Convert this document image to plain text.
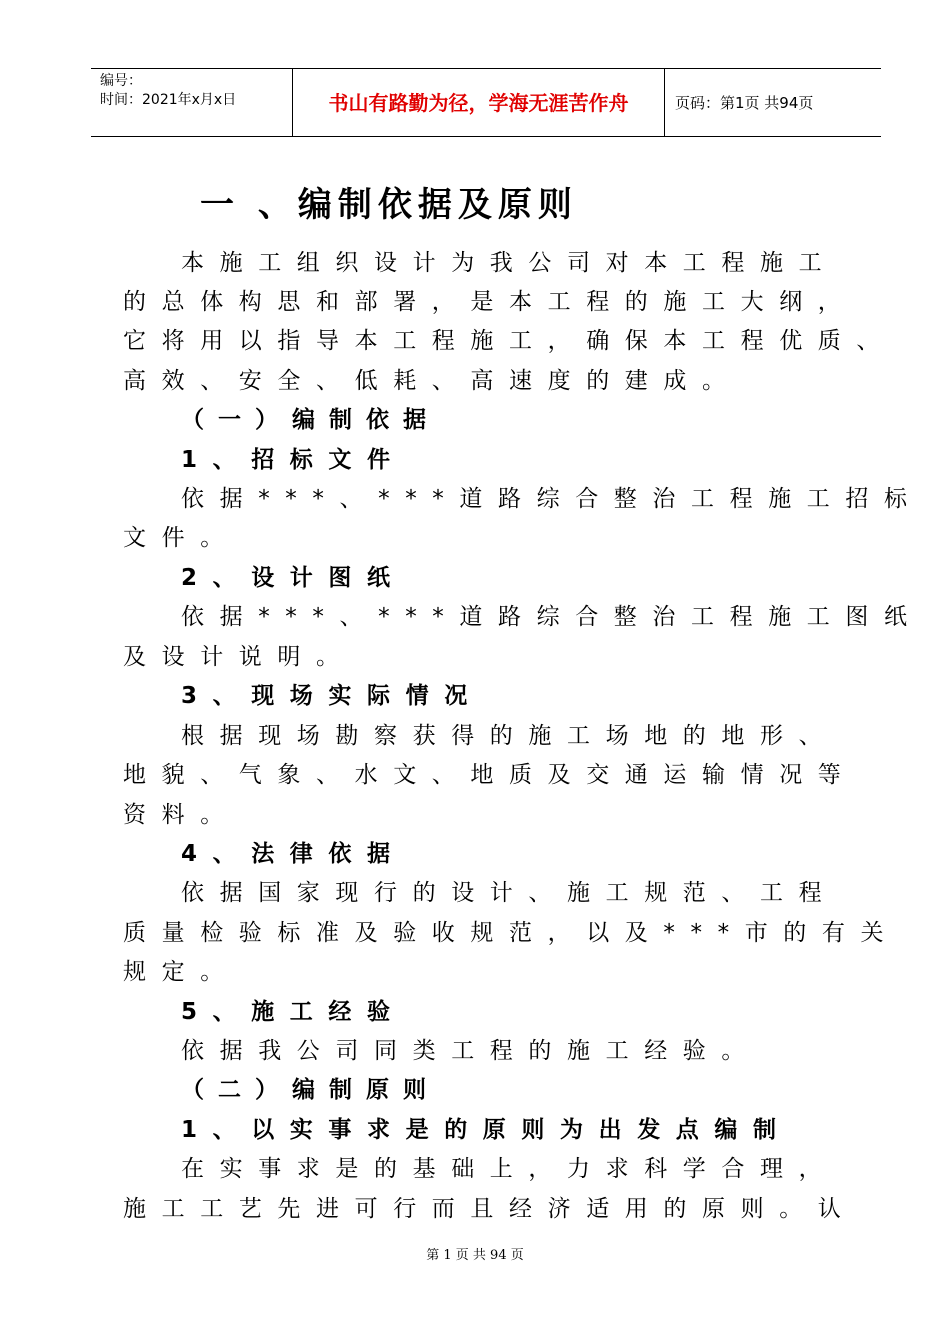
编号：
时间：2021年x月x日	书山有路勤为径，学海无涯苦作舟	页码：第1页 共94页
一 、编制依据及原则
本施工组织设计为我公司对本工程施工
的总体构思和部署，是本工程的施工大纲，
它将用以指导本工程施工，确保本工程优质、
高效、安全、低耗、高速度的建成。
（一）编制依据
1、招标文件
依据***、***道路综合整治工程施工招标
文件。
2、设计图纸
依据***、***道路综合整治工程施工图纸
及设计说明。
3、现场实际情况
根据现场勘察获得的施工场地的地形、
地貌、气象、水文、地质及交通运输情况等
资料。
4、法律依据
依据国家现行的设计、施工规范、工程
质量检验标准及验收规范，以及***市的有关
规定。
5、施工经验
依据我公司同类工程的施工经验。
（二）编制原则
1、以实事求是的原则为出发点编制
在实事求是的基础上，力求科学合理，
施工工艺先进可行而且经济适用的原则。认
第 1 页 共 94 页
